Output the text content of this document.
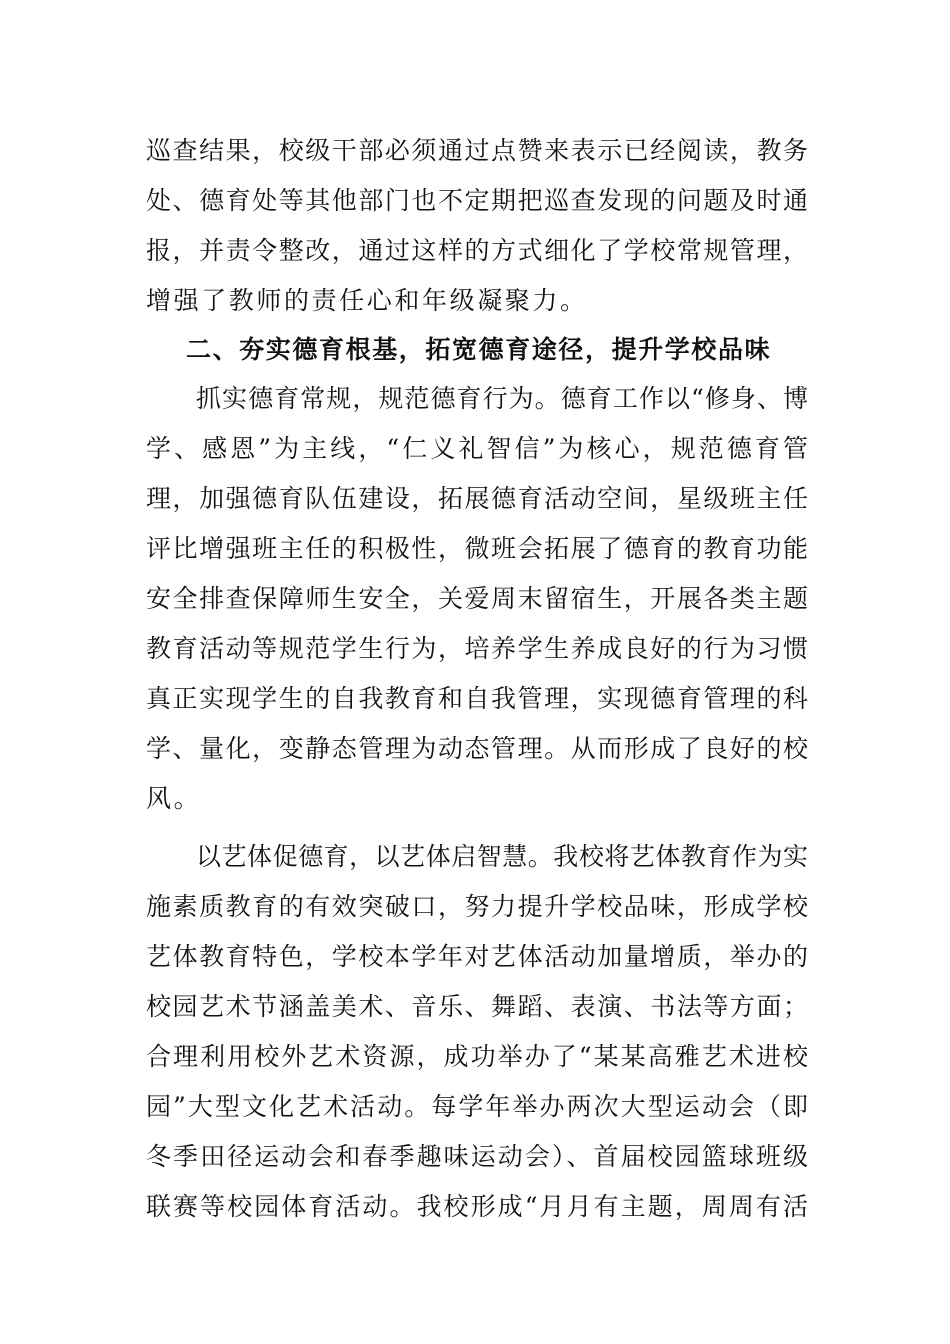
巡查结果，校级干部必须通过点赞来表示已经阅读，教务
处、德育处等其他部门也不定期把巡查发现的问题及时通
报，并责令整改，通过这样的方式细化了学校常规管理，
增强了教师的责任心和年级凝聚力。
二、夯实德育根基，拓宽德育途径，提升学校品味
抓实德育常规，规范德育行为。德育工作以“修身、博
学、感恩”为主线，“仁义礼智信”为核心，规范德育管
理，加强德育队伍建设，拓展德育活动空间，星级班主任
评比增强班主任的积极性，微班会拓展了德育的教育功能
安全排查保障师生安全，关爱周末留宿生，开展各类主题
教育活动等规范学生行为，培养学生养成良好的行为习惯
真正实现学生的自我教育和自我管理，实现德育管理的科
学、量化，变静态管理为动态管理。从而形成了良好的校
风。
以艺体促德育，以艺体启智慧。我校将艺体教育作为实
施素质教育的有效突破口，努力提升学校品味，形成学校
艺体教育特色，学校本学年对艺体活动加量增质，举办的
校园艺术节涵盖美术、音乐、舞蹈、表演、书法等方面；
合理利用校外艺术资源，成功举办了“某某高雅艺术进校
园”大型文化艺术活动。每学年举办两次大型运动会（即
冬季田径运动会和春季趣味运动会）、首届校园篮球班级
联赛等校园体育活动。我校形成“月月有主题，周周有活
